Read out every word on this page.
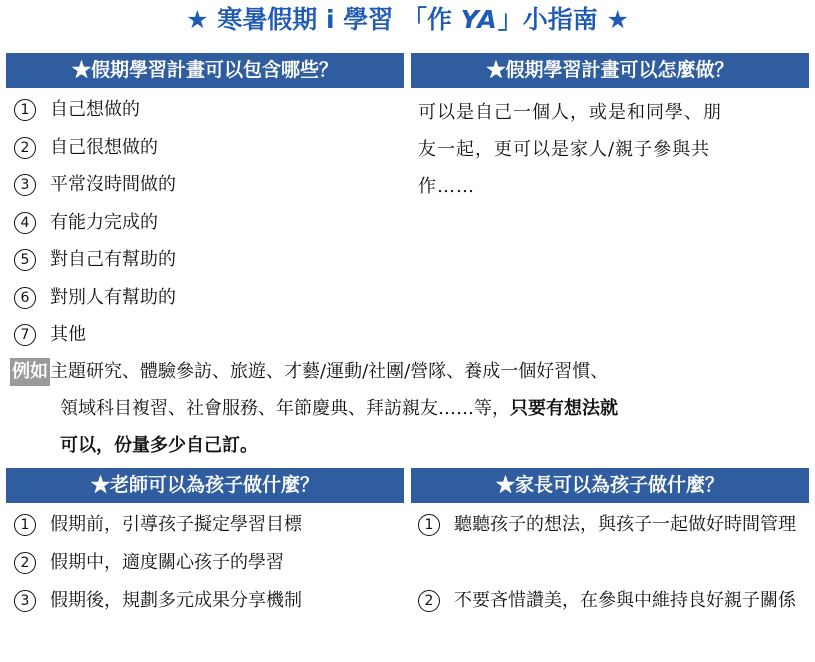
★ 寒暑假期 i 學習 「作 YA」小指南 ★
★假期學習計畫可以包含哪些？
1	自己想做的
2	自己很想做的
3	平常沒時間做的
4	有能力完成的
5	對自己有幫助的
6	對別人有幫助的
7	其他
★假期學習計畫可以怎麼做？
可以是自己一個人，或是和同學、朋
友一起，更可以是家人/親子參與共
作……
例如 主題研究、體驗參訪、旅遊、才藝/運動/社團/營隊、養成一個好習慣、
領域科目複習、社會服務、年節慶典、拜訪親友……等，只要有想法就
可以，份量多少自己訂。
★老師可以為孩子做什麼？
1	假期前，引導孩子擬定學習目標
2	假期中，適度關心孩子的學習
3	假期後，規劃多元成果分享機制
★家長可以為孩子做什麼？
1	聽聽孩子的想法，與孩子一起做好時間管理
2	不要吝惜讚美，在參與中維持良好親子關係
